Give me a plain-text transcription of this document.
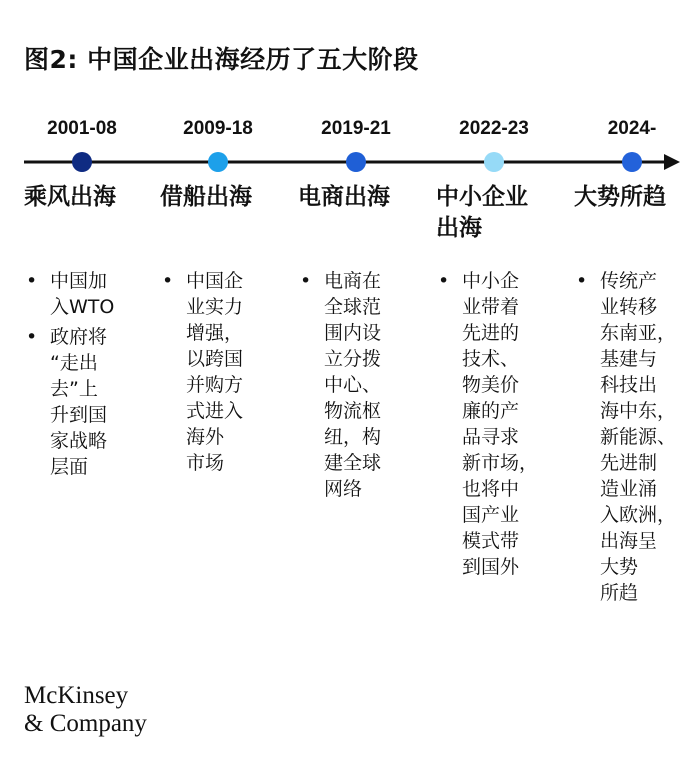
图2: 中国企业出海经历了五大阶段
2001-08	2009-18	2019-21	2022-23	2024-
乘风出海
• 中国加
入WTO
• 政府将
“走出
去”上
升到国
家战略
层面
借船出海
• 中国企
业实力
增强，
以跨国
并购方
式进入
海外
市场
电商出海
• 电商在
全球范
围内设
立分拨
中心、
物流枢
纽，构
建全球
网络
中小企业
出海
• 中小企
业带着
先进的
技术、
物美价
廉的产
品寻求
新市场，
也将中
国产业
模式带
到国外
大势所趋
• 传统产
业转移
东南亚，
基建与
科技出
海中东，
新能源、
先进制
造业涌
入欧洲，
出海呈
大势
所趋
McKinsey
& Company
